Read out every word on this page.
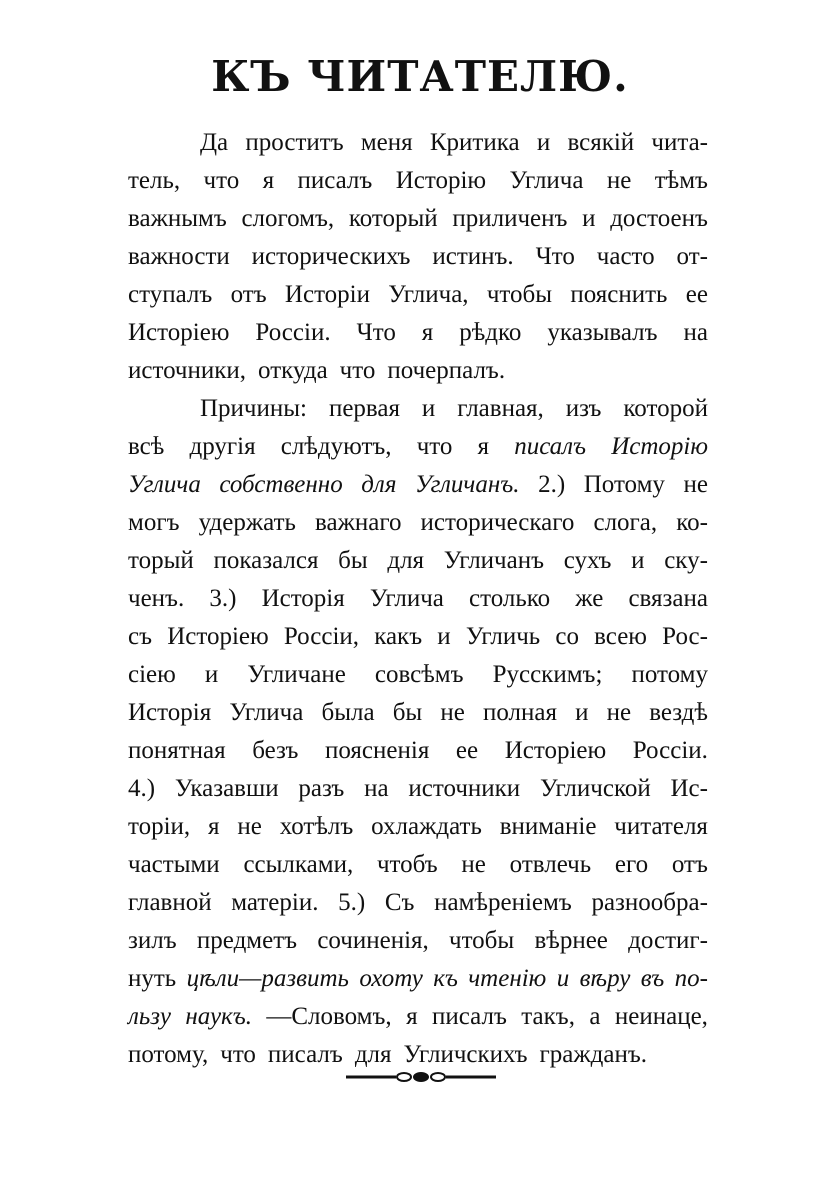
КЪ ЧИТАТЕЛЮ.
Да проститъ меня Критика и всякій чита-
тель, что я писалъ Исторію Углича не тѣмъ
важнымъ слогомъ, который приличенъ и достоенъ
важности историческихъ истинъ. Что часто от-
ступалъ отъ Исторіи Углича, чтобы пояснить ее
Исторіею Россіи. Что я рѣдко указывалъ на
источники, откуда что почерпалъ.
Причины: первая и главная, изъ которой
всѣ другія слѣдуютъ, что я писалъ Исторію
Углича собственно для Угличанъ. 2.) Потому не
могъ удержать важнаго историческаго слога, ко-
торый показался бы для Угличанъ сухъ и ску-
ченъ. 3.) Исторія Углича столько же связана
съ Исторіею Россіи, какъ и Угличь со всею Рос-
сіею и Угличане совсѣмъ Русскимъ; потому
Исторія Углича была бы не полная и не вездѣ
понятная безъ поясненія ее Исторіею Россіи.
4.) Указавши разъ на источники Угличской Ис-
торіи, я не хотѣлъ охлаждать вниманіе читателя
частыми ссылками, чтобъ не отвлечь его отъ
главной матеріи. 5.) Съ намѣреніемъ разнообра-
зилъ предметъ сочиненія, чтобы вѣрнее достиг-
нуть цѣли—развить охоту къ чтенію и вѣру въ по-
льзу наукъ. —Словомъ, я писалъ такъ, а неинаце,
потому, что писалъ для Угличскихъ гражданъ.
